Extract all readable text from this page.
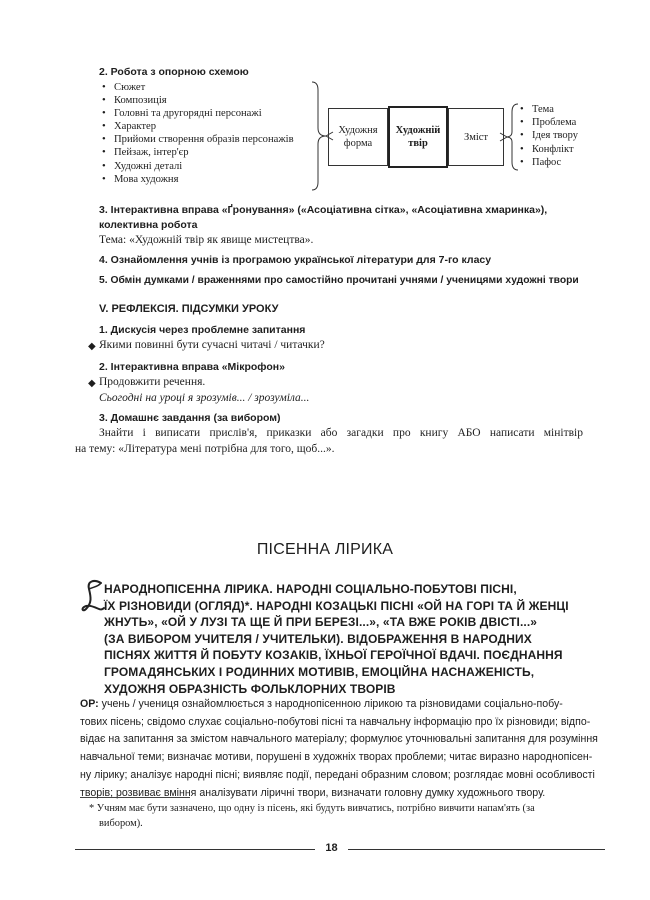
2. Робота з опорною схемою
• Сюжет
• Композиція
• Головні та другорядні персонажі
• Характер
• Прийоми створення образів персонажів
• Пейзаж, інтер'єр
• Художні деталі
• Мова художня
Художня форма
Художній твір
Зміст
• Тема
• Проблема
• Ідея твору
• Конфлікт
• Пафос
3. Інтерактивна вправа «Ґронування» («Асоціативна сітка», «Асоціативна хмаринка»),
колективна робота
Тема: «Художній твір як явище мистецтва».
4. Ознайомлення учнів із програмою української літератури для 7-го класу
5. Обмін думками / враженнями про самостійно прочитані учнями / ученицями художні твори
V. РЕФЛЕКСІЯ. ПІДСУМКИ УРОКУ
1. Дискусія через проблемне запитання
◆ Якими повинні бути сучасні читачі / читачки?
2. Інтерактивна вправа «Мікрофон»
◆ Продовжити речення.
Сьогодні на уроці я зрозумів... / зрозуміла...
3. Домашнє завдання (за вибором)
Знайти і виписати прислів'я, приказки або загадки про книгу АБО написати мінітвір
на тему: «Література мені потрібна для того, щоб...».
ПІСЕННА ЛІРИКА
НАРОДНОПІСЕННА ЛІРИКА. НАРОДНІ СОЦІАЛЬНО-ПОБУТОВІ ПІСНІ,
ЇХ РІЗНОВИДИ (ОГЛЯД)*. НАРОДНІ КОЗАЦЬКІ ПІСНІ «ОЙ НА ГОРІ ТА Й ЖЕНЦІ
ЖНУТЬ», «ОЙ У ЛУЗІ ТА ЩЕ Й ПРИ БЕРЕЗІ...», «ТА ВЖЕ РОКІВ ДВІСТІ...»
(ЗА ВИБОРОМ УЧИТЕЛЯ / УЧИТЕЛЬКИ). ВІДОБРАЖЕННЯ В НАРОДНИХ
ПІСНЯХ ЖИТТЯ Й ПОБУТУ КОЗАКІВ, ЇХНЬОЇ ГЕРОЇЧНОЇ ВДАЧІ. ПОЄДНАННЯ
ГРОМАДЯНСЬКИХ І РОДИННИХ МОТИВІВ, ЕМОЦІЙНА НАСНАЖЕНІСТЬ,
ХУДОЖНЯ ОБРАЗНІСТЬ ФОЛЬКЛОРНИХ ТВОРІВ
ОР: учень / учениця ознайомлюється з народнопісенною лірикою та різновидами соціально-побу-
тових пісень; свідомо слухає соціально-побутові пісні та навчальну інформацію про їх різновиди; відпо-
відає на запитання за змістом навчального матеріалу; формулює уточнювальні запитання для розуміння
навчальної теми; визначає мотиви, порушені в художніх творах проблеми; читає виразно народнопісен-
ну лірику; аналізує народні пісні; виявляє події, передані образним словом; розглядає мовні особливості
творів; розвиває вміння аналізувати ліричні твори, визначати головну думку художнього твору.
* Учням має бути зазначено, що одну із пісень, які будуть вивчатись, потрібно вивчити напам'ять (за
вибором).
18
